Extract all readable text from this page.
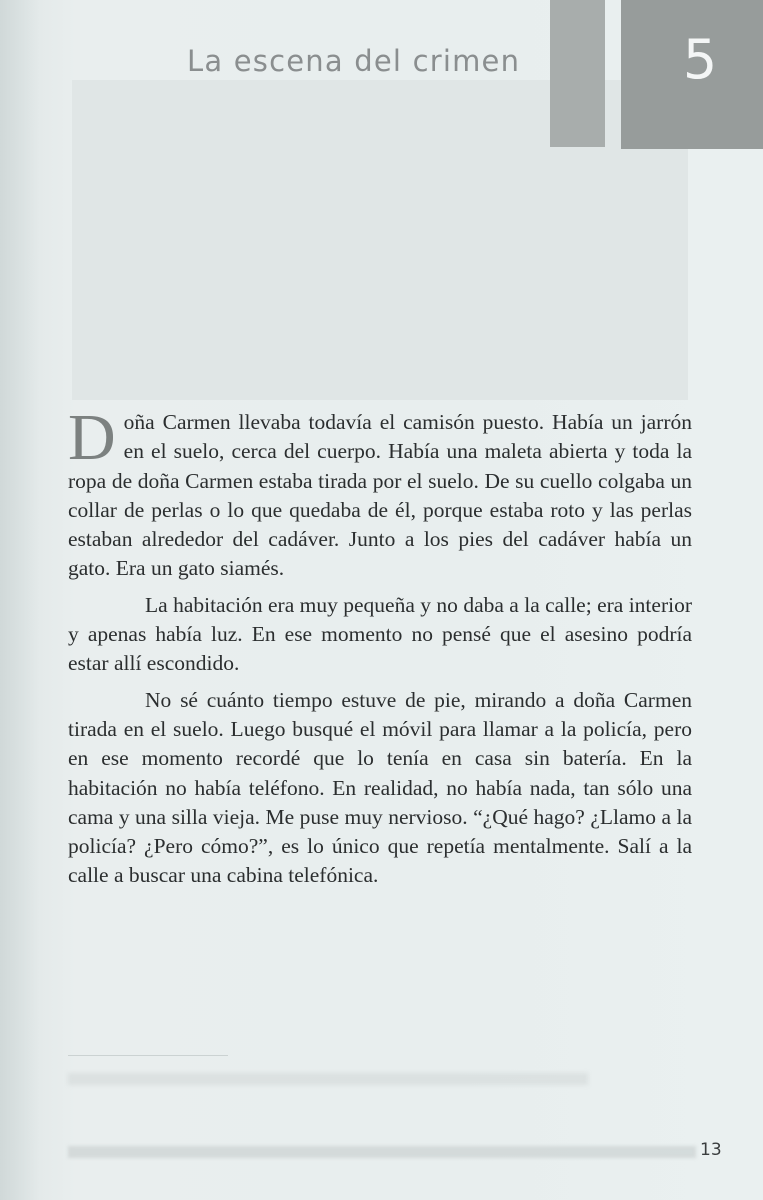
5
La escena del crimen

Doña Carmen llevaba todavía el camisón puesto. Había un jarrón en el suelo, cerca del cuerpo. Había una maleta abierta y toda la ropa de doña Carmen estaba tirada por el suelo. De su cuello colgaba un collar de perlas o lo que quedaba de él, porque estaba roto y las perlas estaban alrededor del cadáver. Junto a los pies del cadáver había un gato. Era un gato siamés.

La habitación era muy pequeña y no daba a la calle; era interior y apenas había luz. En ese momento no pensé que el asesino podría estar allí escondido.

No sé cuánto tiempo estuve de pie, mirando a doña Carmen tirada en el suelo. Luego busqué el móvil para llamar a la policía, pero en ese momento recordé que lo tenía en casa sin batería. En la habitación no había teléfono. En realidad, no había nada, tan sólo una cama y una silla vieja. Me puse muy nervioso. “¿Qué hago? ¿Llamo a la policía? ¿Pero cómo?”, es lo único que repetía mentalmente. Salí a la calle a buscar una cabina telefónica.

13
